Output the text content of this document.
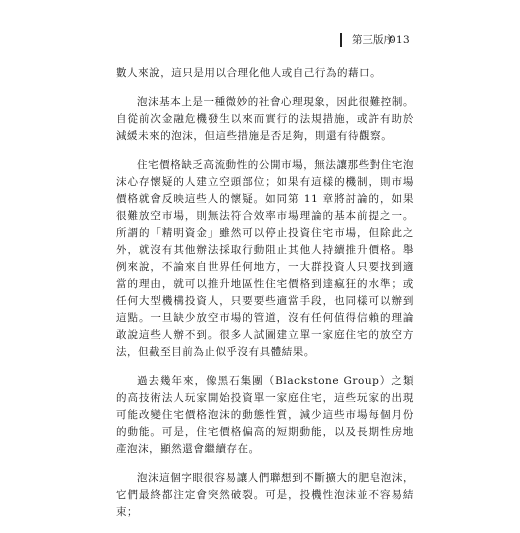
第三版序
013

數人來說，這只是用以合理化他人或自己行為的藉口。

泡沫基本上是一種微妙的社會心理現象，因此很難控制。自從前次金融危機發生以來而實行的法規措施，或許有助於減緩未來的泡沫，但這些措施是否足夠，則還有待觀察。

住宅價格缺乏高流動性的公開市場，無法讓那些對住宅泡沫心存懷疑的人建立空頭部位；如果有這樣的機制，則市場價格就會反映這些人的懷疑。如同第 11 章將討論的，如果很難放空市場，則無法符合效率市場理論的基本前提之一。所謂的「精明資金」雖然可以停止投資住宅市場，但除此之外，就沒有其他辦法採取行動阻止其他人持續推升價格。舉例來說，不論來自世界任何地方，一大群投資人只要找到適當的理由，就可以推升地區性住宅價格到達瘋狂的水準；或任何大型機構投資人，只要要些適當手段，也同樣可以辦到這點。一旦缺少放空市場的管道，沒有任何值得信賴的理論敢說這些人辦不到。很多人試圖建立單一家庭住宅的放空方法，但截至目前為止似乎沒有具體結果。

過去幾年來，像黑石集團（Blackstone Group）之類的高技術法人玩家開始投資單一家庭住宅，這些玩家的出現可能改變住宅價格泡沫的動態性質，減少這些市場每個月份的動能。可是，住宅價格偏高的短期動能，以及長期性房地產泡沫，顯然還會繼續存在。

泡沫這個字眼很容易讓人們聯想到不斷擴大的肥皂泡沫，它們最終都注定會突然破裂。可是，投機性泡沫並不容易結束；
